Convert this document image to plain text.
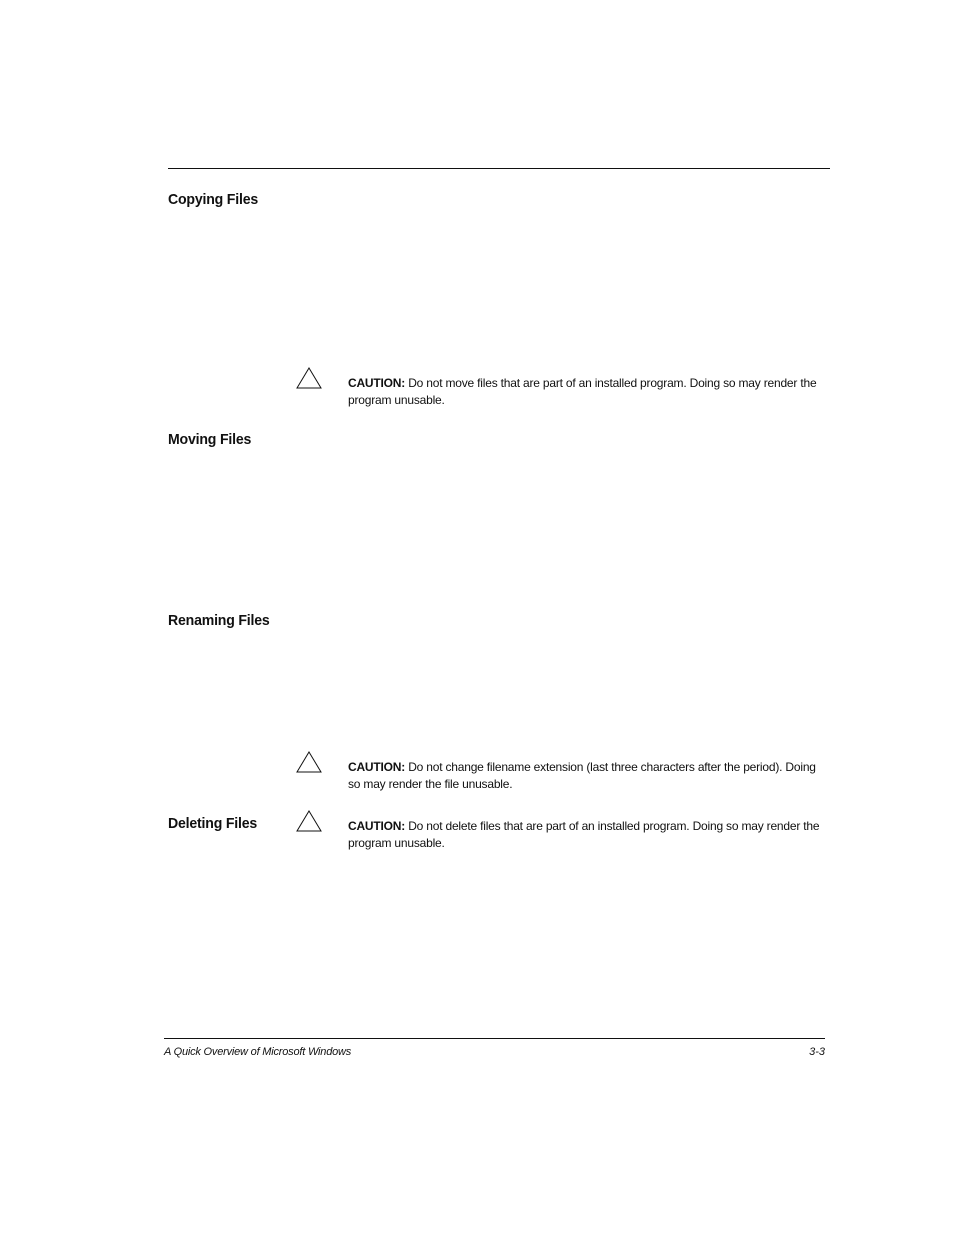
Copying Files

CAUTION: Do not move files that are part of an installed program. Doing so may render the program unusable.

Moving Files
Renaming Files

CAUTION: Do not change filename extension (last three characters after the period). Doing so may render the file unusable.

Deleting Files	CAUTION: Do not delete files that are part of an installed program. Doing so may render the program unusable.

A Quick Overview of Microsoft Windows	3-3
